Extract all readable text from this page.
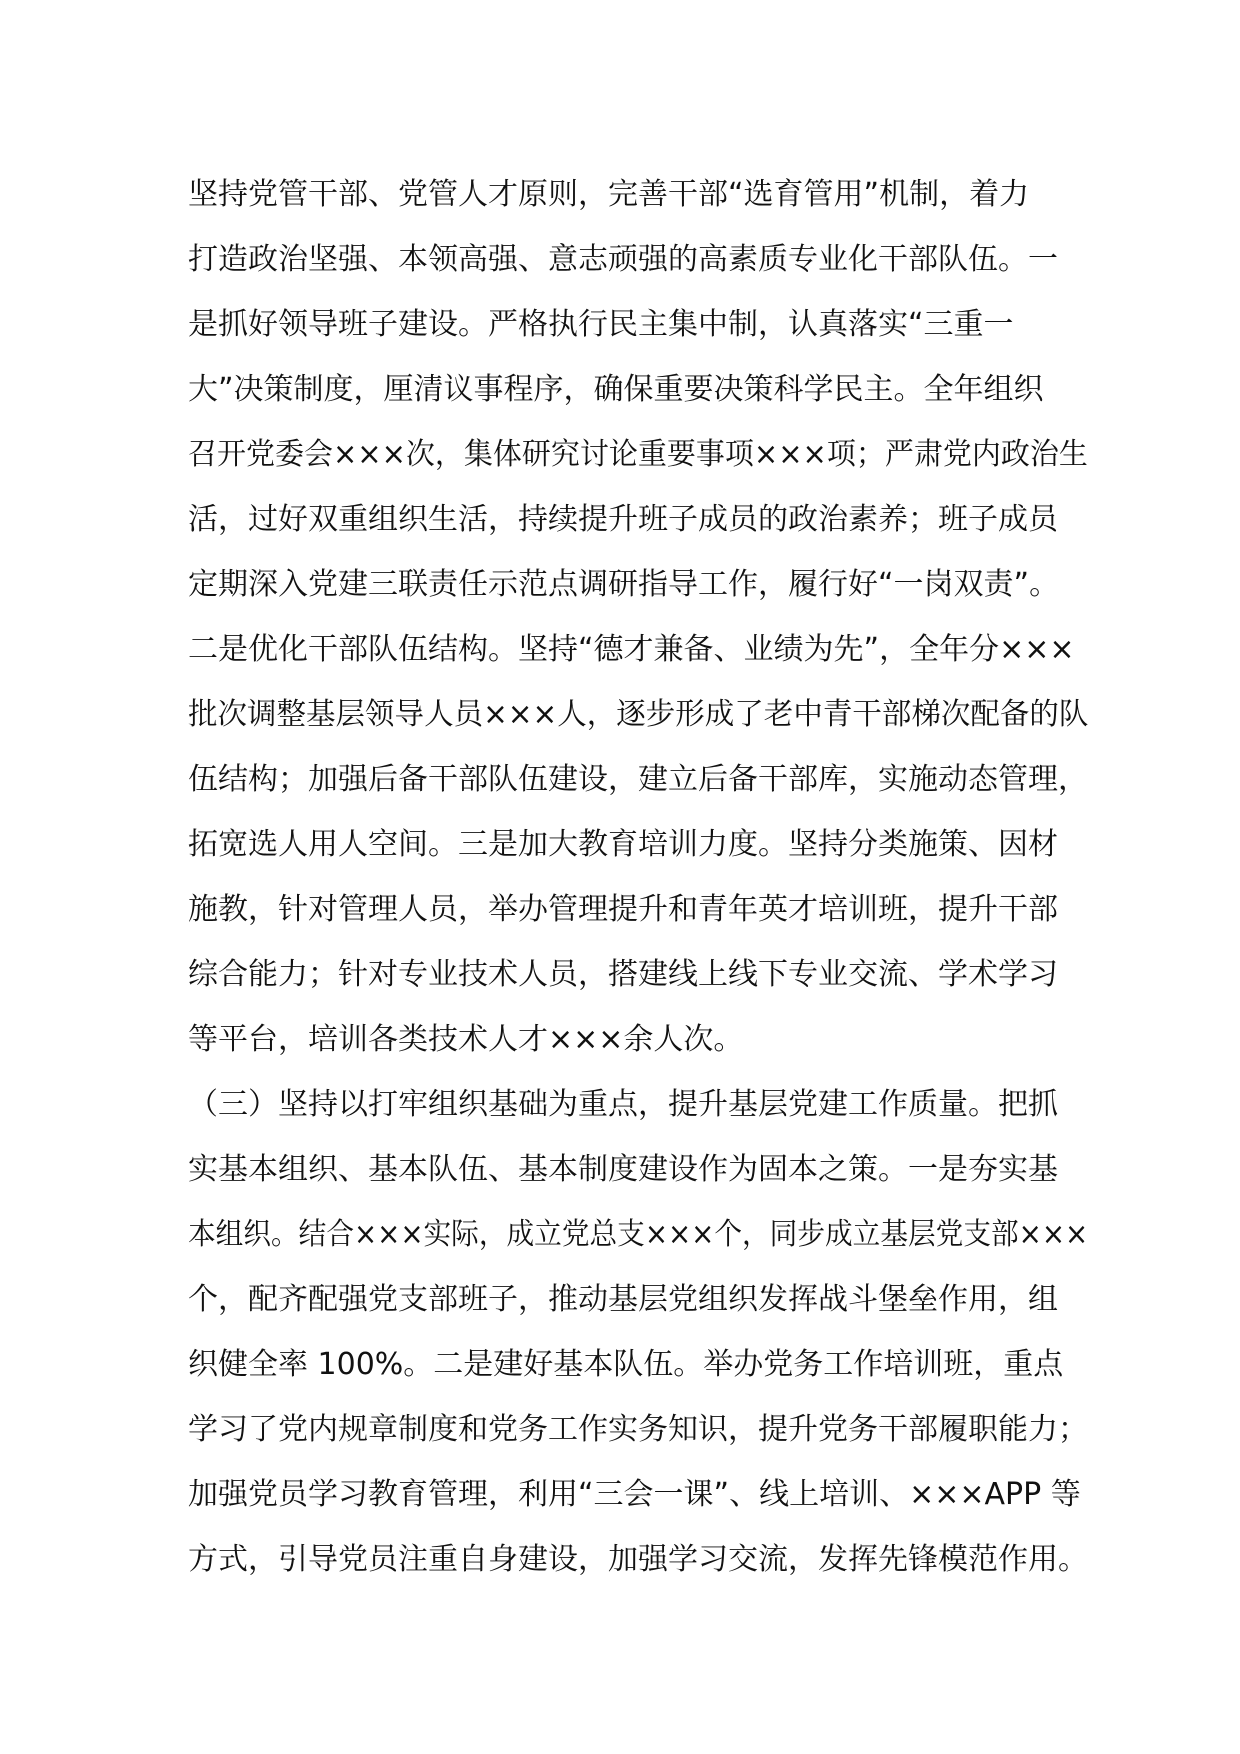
坚持党管干部、党管人才原则，完善干部“选育管用”机制，着力
打造政治坚强、本领高强、意志顽强的高素质专业化干部队伍。一
是抓好领导班子建设。严格执行民主集中制，认真落实“三重一
大”决策制度，厘清议事程序，确保重要决策科学民主。全年组织
召开党委会×××次，集体研究讨论重要事项×××项；严肃党内政治生
活，过好双重组织生活，持续提升班子成员的政治素养；班子成员
定期深入党建三联责任示范点调研指导工作，履行好“一岗双责”。
二是优化干部队伍结构。坚持“德才兼备、业绩为先”，全年分×××
批次调整基层领导人员×××人，逐步形成了老中青干部梯次配备的队
伍结构；加强后备干部队伍建设，建立后备干部库，实施动态管理，
拓宽选人用人空间。三是加大教育培训力度。坚持分类施策、因材
施教，针对管理人员，举办管理提升和青年英才培训班，提升干部
综合能力；针对专业技术人员，搭建线上线下专业交流、学术学习
等平台，培训各类技术人才×××余人次。
（三）坚持以打牢组织基础为重点，提升基层党建工作质量。把抓
实基本组织、基本队伍、基本制度建设作为固本之策。一是夯实基
本组织。结合×××实际，成立党总支×××个，同步成立基层党支部×××
个，配齐配强党支部班子，推动基层党组织发挥战斗堡垒作用，组
织健全率 100%。二是建好基本队伍。举办党务工作培训班，重点
学习了党内规章制度和党务工作实务知识，提升党务干部履职能力；
加强党员学习教育管理，利用“三会一课”、线上培训、×××APP 等
方式，引导党员注重自身建设，加强学习交流，发挥先锋模范作用。
